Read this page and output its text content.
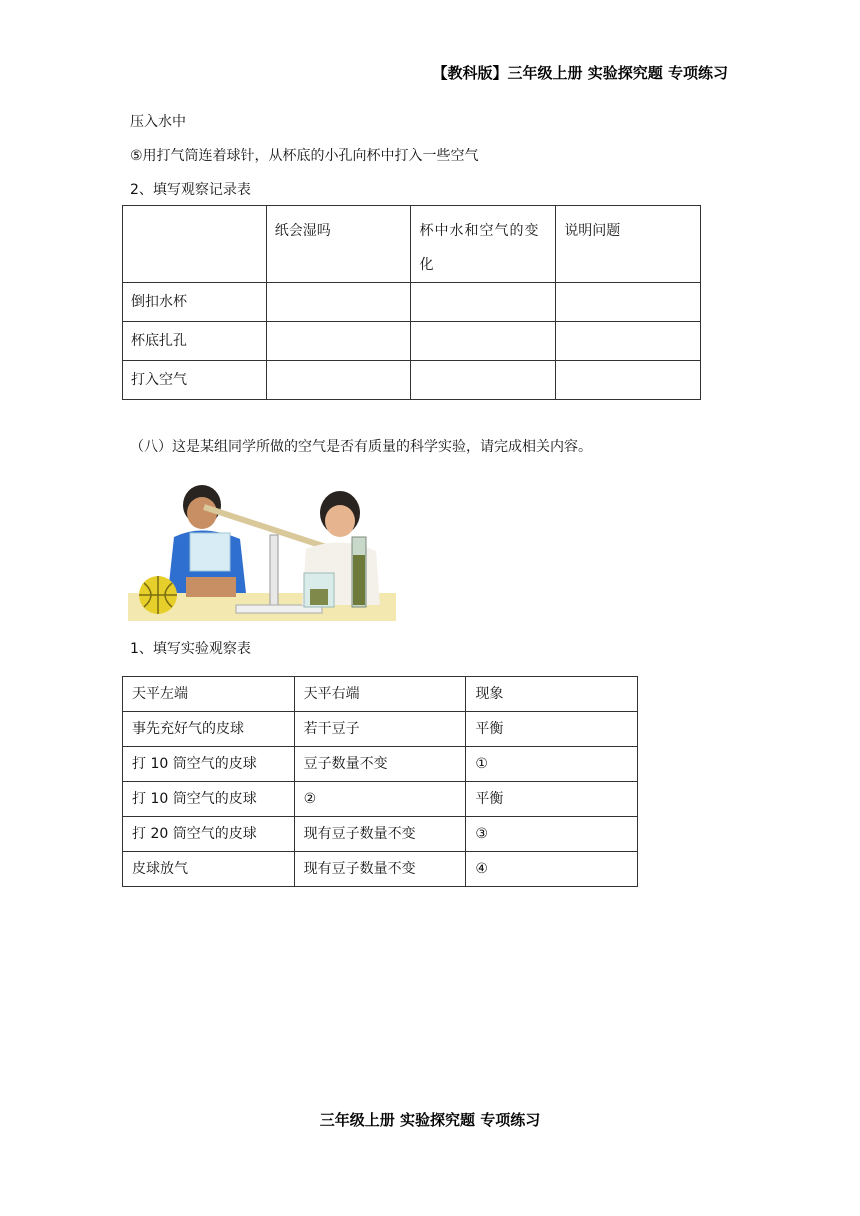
【教科版】三年级上册 实验探究题 专项练习
压入水中
⑤用打气筒连着球针，从杯底的小孔向杯中打入一些空气
2、填写观察记录表
	纸会湿吗	杯中水和空气的变化	说明问题
倒扣水杯			
杯底扎孔			
打入空气			
（八）这是某组同学所做的空气是否有质量的科学实验，请完成相关内容。
1、填写实验观察表
天平左端	天平右端	现象
事先充好气的皮球	若干豆子	平衡
打 10 筒空气的皮球	豆子数量不变	①
打 10 筒空气的皮球	②	平衡
打 20 筒空气的皮球	现有豆子数量不变	③
皮球放气	现有豆子数量不变	④
三年级上册 实验探究题 专项练习
